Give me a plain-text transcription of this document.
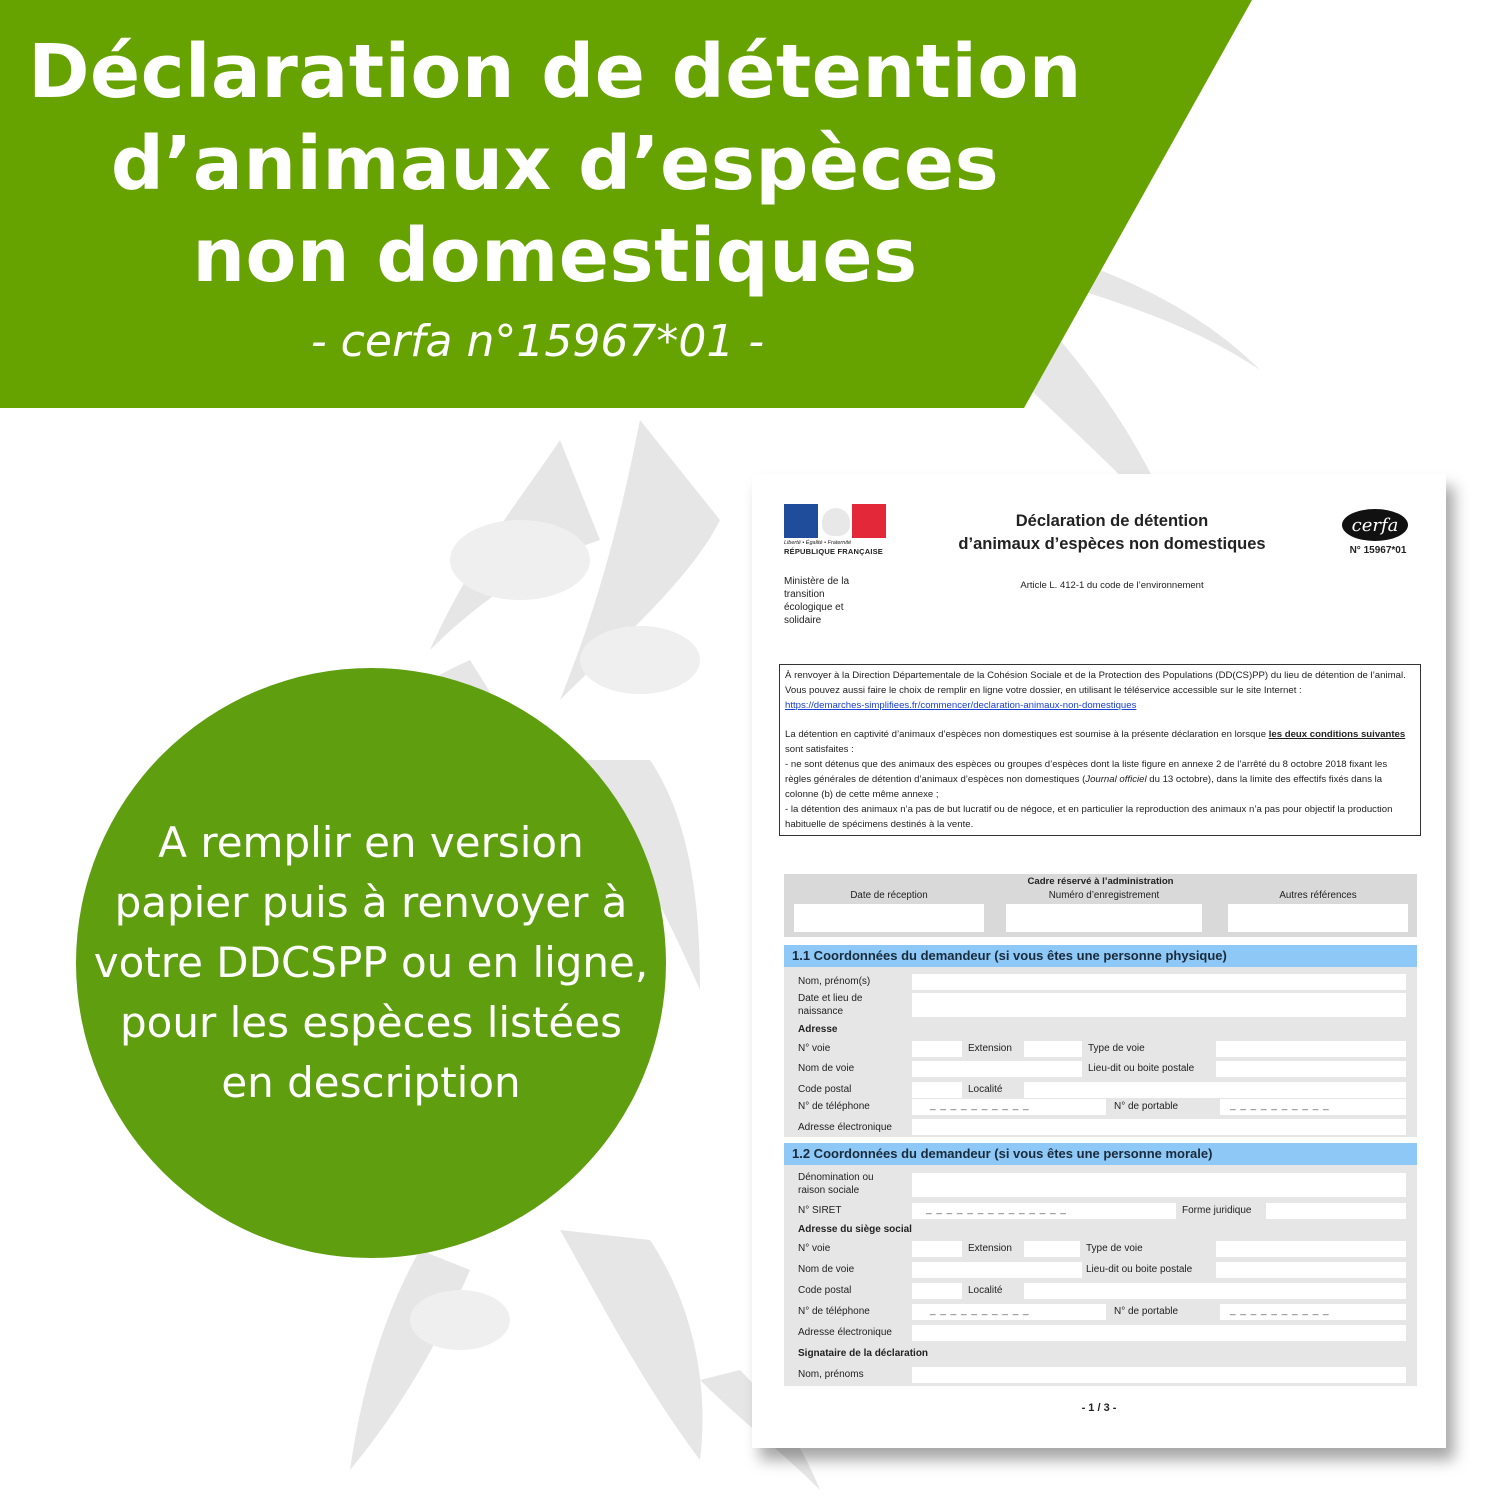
Déclaration de détention
d’animaux d’espèces
non domestiques
- cerfa n°15967*01 -
A remplir en version
papier puis à renvoyer à
votre DDCSPP ou en ligne,
pour les espèces listées
en description
Liberté • Égalité • Fraternité
RÉPUBLIQUE FRANÇAISE
Ministère de la transition écologique et solidaire
Déclaration de détention
d’animaux d’espèces non domestiques
Article L. 412-1 du code de l’environnement
cerfa
N° 15967*01

À renvoyer à la Direction Départementale de la Cohésion Sociale et de la Protection des Populations (DD(CS)PP) du lieu de détention de l’animal.

Vous pouvez aussi faire le choix de remplir en ligne votre dossier, en utilisant le téléservice accessible sur le site Internet :

https://demarches-simplifiees.fr/commencer/declaration-animaux-non-domestiques

La détention en captivité d’animaux d’espèces non domestiques est soumise à la présente déclaration en lorsque les deux conditions suivantes sont satisfaites :

- ne sont détenus que des animaux des espèces ou groupes d’espèces dont la liste figure en annexe 2 de l’arrêté du 8 octobre 2018 fixant les règles générales de détention d’animaux d’espèces non domestiques (Journal officiel du 13 octobre), dans la limite des effectifs fixés dans la colonne (b) de cette même annexe ;

- la détention des animaux n’a pas de but lucratif ou de négoce, et en particulier la reproduction des animaux n’a pas pour objectif la production habituelle de spécimens destinés à la vente.

Cadre réservé à l’administration
Date de réception	Numéro d’enregistrement	Autres références
1.1 Coordonnées du demandeur (si vous êtes une personne physique)
Nom, prénom(s)
Date et lieu de naissance
Adresse
N° voie	Extension	Type de voie
Nom de voie	Lieu-dit ou boite postale
Code postal	Localité
N° de téléphone	_ _ _ _ _ _ _ _ _ _	N° de portable	_ _ _ _ _ _ _ _ _ _
Adresse électronique
1.2 Coordonnées du demandeur (si vous êtes une personne morale)
Dénomination ou raison sociale
N° SIRET	_ _ _ _ _ _ _ _ _ _ _ _ _ _	Forme juridique
Adresse du siège social
N° voie	Extension	Type de voie
Nom de voie	Lieu-dit ou boite postale
Code postal	Localité
N° de téléphone	_ _ _ _ _ _ _ _ _ _	N° de portable	_ _ _ _ _ _ _ _ _ _
Adresse électronique
Signataire de la déclaration
Nom, prénoms
- 1 / 3 -
